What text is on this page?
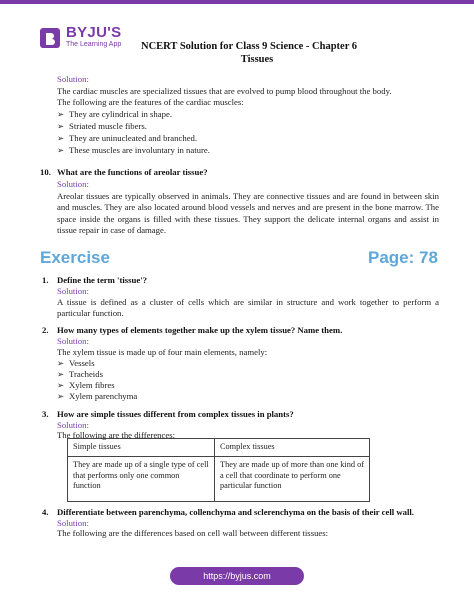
BYJU'S
The Learning App NCERT Solution for Class 9 Science - Chapter 6
Tissues
Solution:
The cardiac muscles are specialized tissues that are evolved to pump blood throughout the body.
The following are the features of the cardiac muscles:
➢ They are cylindrical in shape.
➢ Striated muscle fibers.
➢ They are uninucleated and branched.
➢ These muscles are involuntary in nature.
10. What are the functions of areolar tissue?
Solution:
Areolar tissues are typically observed in animals. They are connective tissues and are found in between skin and muscles. They are also located around blood vessels and nerves and are present in the bone marrow. The space inside the organs is filled with these tissues. They support the delicate internal organs and assist in tissue repair in case of damage.
Exercise	Page: 78
1. Define the term 'tissue'?
Solution:
A tissue is defined as a cluster of cells which are similar in structure and work together to perform a particular function.
2. How many types of elements together make up the xylem tissue? Name them.
Solution:
The xylem tissue is made up of four main elements, namely:
➢ Vessels
➢ Tracheids
➢ Xylem fibres
➢ Xylem parenchyma
3. How are simple tissues different from complex tissues in plants?
Solution:
The following are the differences:
Simple tissues	Complex tissues
They are made up of a single type of cell that performs only one common function	They are made up of more than one kind of a cell that coordinate to perform one particular function
4. Differentiate between parenchyma, collenchyma and sclerenchyma on the basis of their cell wall.
Solution:
The following are the differences based on cell wall between different tissues:
https://byjus.com
